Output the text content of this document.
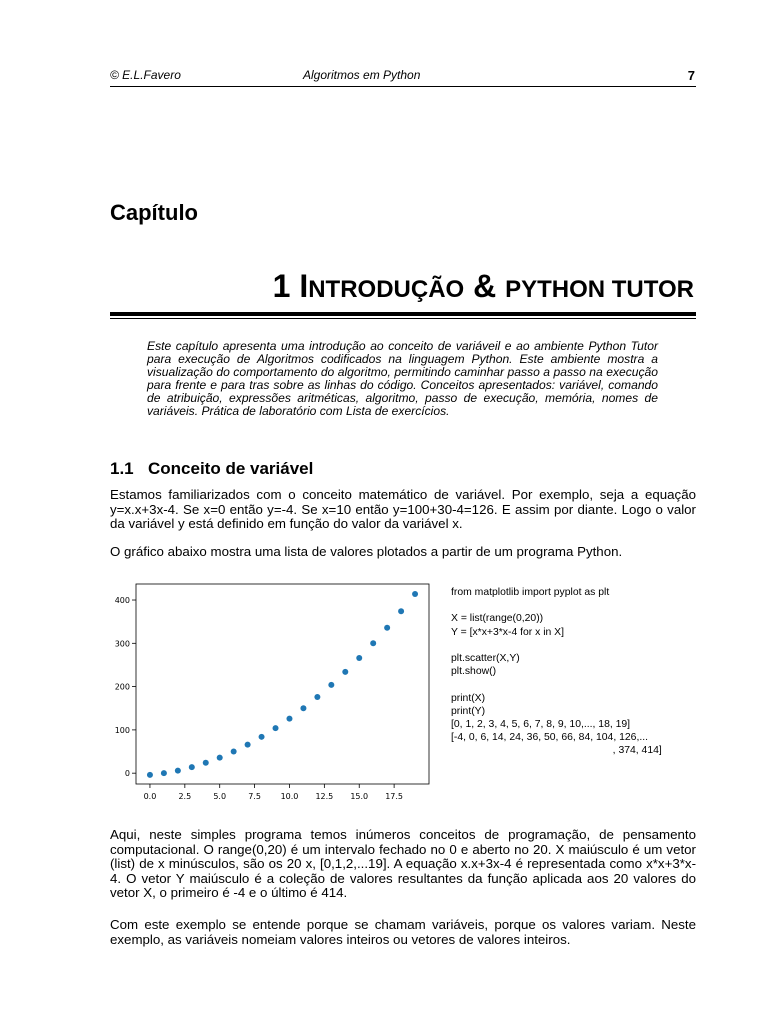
© E.L.Favero	Algoritmos em Python	7
Capítulo
1 INTRODUÇÃO & PYTHON TUTOR
Este capítulo apresenta uma introdução ao conceito de variáveil e ao ambiente Python Tutor para execução de Algoritmos codificados na linguagem Python. Este ambiente mostra a visualização do comportamento do algoritmo, permitindo caminhar passo a passo na execução para frente e para tras sobre as linhas do código. Conceitos apresentados: variável, comando de atribuição, expressões aritméticas, algoritmo, passo de execução, memória, nomes de variáveis. Prática de laboratório com Lista de exercícios.
1.1 Conceito de variável
Estamos familiarizados com o conceito matemático de variável. Por exemplo, seja a equação y=x.x+3x-4. Se x=0 então y=-4. Se x=10 então y=100+30-4=126. E assim por diante. Logo o valor da variável y está definido em função do valor da variável x.
O gráfico abaixo mostra uma lista de valores plotados a partir de um programa Python.
0.0	2.5	5.0	7.5 10.0 12.5 15.0 17.5
0
100
200
300
400
from matplotlib import pyplot as plt

X = list(range(0,20))
Y = [x*x+3*x-4 for x in X]

plt.scatter(X,Y)
plt.show()

print(X)
print(Y)
[0, 1, 2, 3, 4, 5, 6, 7, 8, 9, 10,..., 18, 19]
[-4, 0, 6, 14, 24, 36, 50, 66, 84, 104, 126,...
, 374, 414]
Aqui, neste simples programa temos inúmeros conceitos de programação, de pensamento computacional. O range(0,20) é um intervalo fechado no 0 e aberto no 20. X maiúsculo é um vetor (list) de x minúsculos, são os 20 x, [0,1,2,...19]. A equação x.x+3x-4 é representada como x*x+3*x-4. O vetor Y maiúsculo é a coleção de valores resultantes da função aplicada aos 20 valores do vetor X, o primeiro é -4 e o último é 414.
Com este exemplo se entende porque se chamam variáveis, porque os valores variam. Neste exemplo, as variáveis nomeiam valores inteiros ou vetores de valores inteiros.
